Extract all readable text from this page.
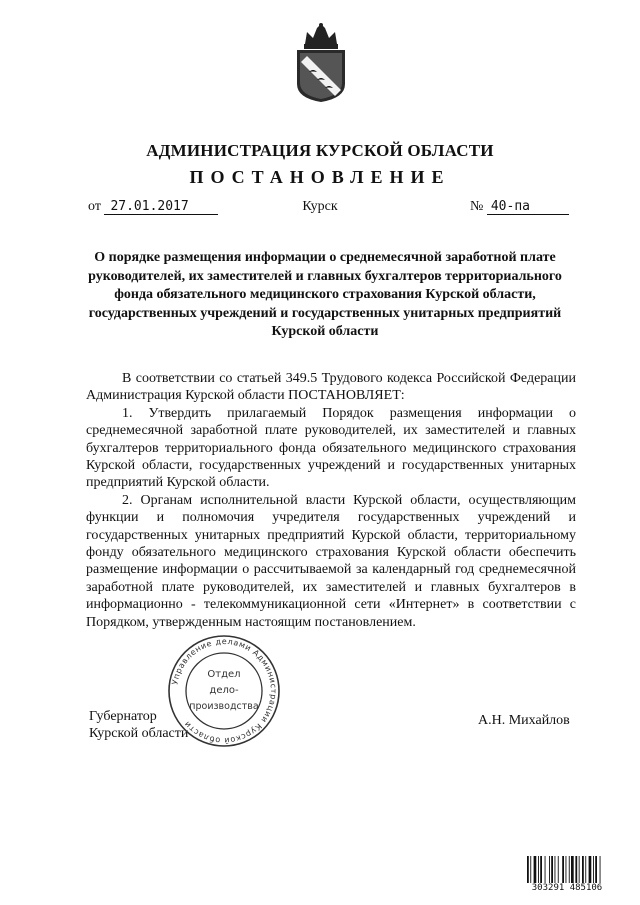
АДМИНИСТРАЦИЯ КУРСКОЙ ОБЛАСТИ
ПОСТАНОВЛЕНИЕ
от 27.01.2017	Курск	№ 40-па
О порядке размещения информации о среднемесячной заработной плате руководителей, их заместителей и главных бухгалтеров территориального фонда обязательного медицинского страхования Курской области, государственных учреждений и государственных унитарных предприятий Курской области

В соответствии со статьей 349.5 Трудового кодекса Российской Федерации Администрация Курской области ПОСТАНОВЛЯЕТ:

1. Утвердить прилагаемый Порядок размещения информации о среднемесячной заработной плате руководителей, их заместителей и главных бухгалтеров территориального фонда обязательного медицинского страхования Курской области, государственных учреждений и государственных унитарных предприятий Курской области.

2. Органам исполнительной власти Курской области, осуществляющим функции и полномочия учредителя государственных учреждений и государственных унитарных предприятий Курской области, территориальному фонду обязательного медицинского страхования Курской области обеспечить размещение информации о рассчитываемой за календарный год среднемесячной заработной плате руководителей, их заместителей и главных бухгалтеров в информационно - телекоммуникационной сети «Интернет» в соответствии с Порядком, утвержденным настоящим постановлением.

Губернатор
Курской области
А.Н. Михайлов
Управление делами Администрации Курской области
Отдел
дело-
производства
303291 485106
